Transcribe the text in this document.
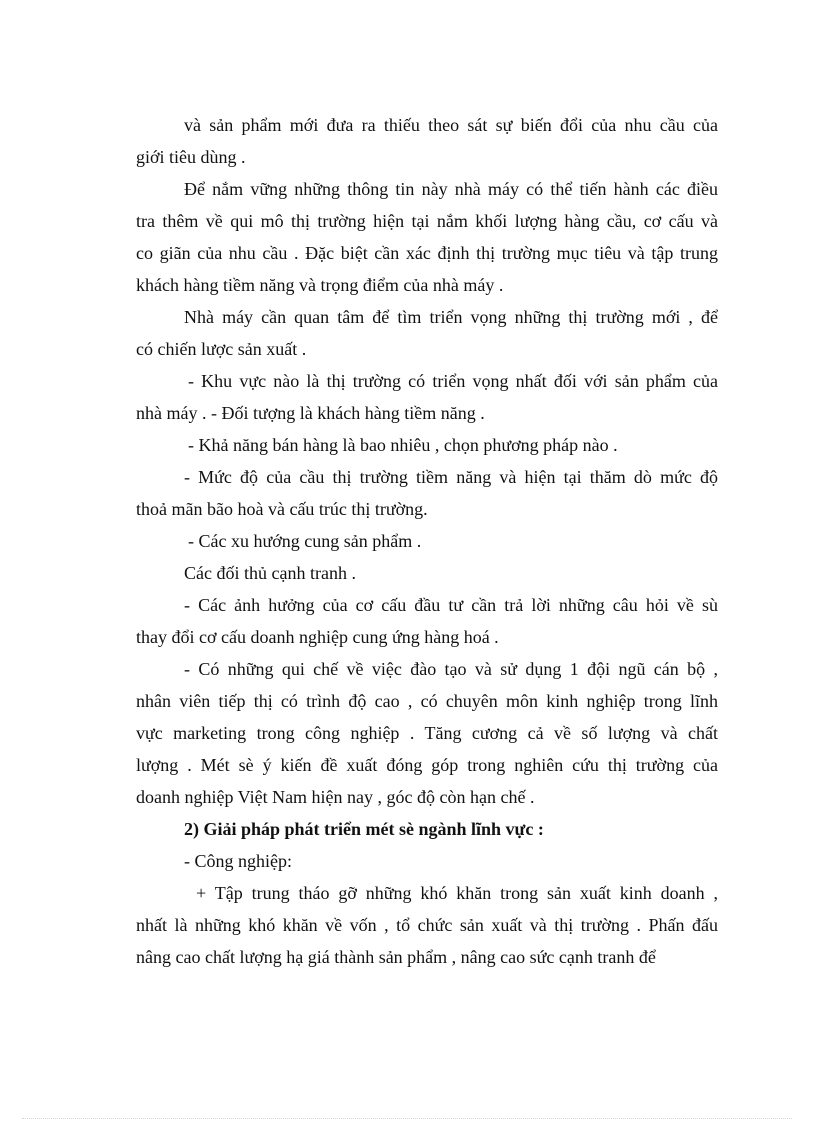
và sản phẩm mới đưa ra thiếu theo sát sự biến đổi của nhu cầu của
giới tiêu dùng .
Để nắm vững những thông tin này nhà máy có thể tiến hành các điều
tra thêm về qui mô thị trường hiện tại nắm khối lượng hàng cầu, cơ cấu và
co giãn của nhu cầu . Đặc biệt cần xác định thị trường mục tiêu và tập trung
khách hàng tiềm năng và trọng điểm của nhà máy .
Nhà máy cần quan tâm để tìm triển vọng những thị trường mới , để
có chiến lược sản xuất .
- Khu vực nào là thị trường có triển vọng nhất đối với sản phẩm của
nhà máy . - Đối tượng là khách hàng tiềm năng .
- Khả năng bán hàng là bao nhiêu , chọn phương pháp nào .
- Mức độ của cầu thị trường tiềm năng và hiện tại thăm dò mức độ
thoả mãn bão hoà và cấu trúc thị trường.
- Các xu hướng cung sản phẩm .
Các đối thủ cạnh tranh .
- Các ảnh hưởng của cơ cấu đầu tư cần trả lời những câu hỏi về sù
thay đổi cơ cấu doanh nghiệp cung ứng hàng hoá .
- Có những qui chế về việc đào tạo và sử dụng 1 đội ngũ cán bộ ,
nhân viên tiếp thị có trình độ cao , có chuyên môn kinh nghiệp trong lĩnh
vực marketing trong công nghiệp . Tăng cương cả về số lượng và chất
lượng . Mét sè ý kiến đề xuất đóng góp trong nghiên cứu thị trường của
doanh nghiệp Việt Nam hiện nay , góc độ còn hạn chế .
2) Giải pháp phát triển mét sè ngành lĩnh vực :
- Công nghiệp:
+ Tập trung tháo gỡ những khó khăn trong sản xuất kinh doanh ,
nhất là những khó khăn về vốn , tổ chức sản xuất và thị trường . Phấn đấu
nâng cao chất lượng hạ giá thành sản phẩm , nâng cao sức cạnh tranh để
